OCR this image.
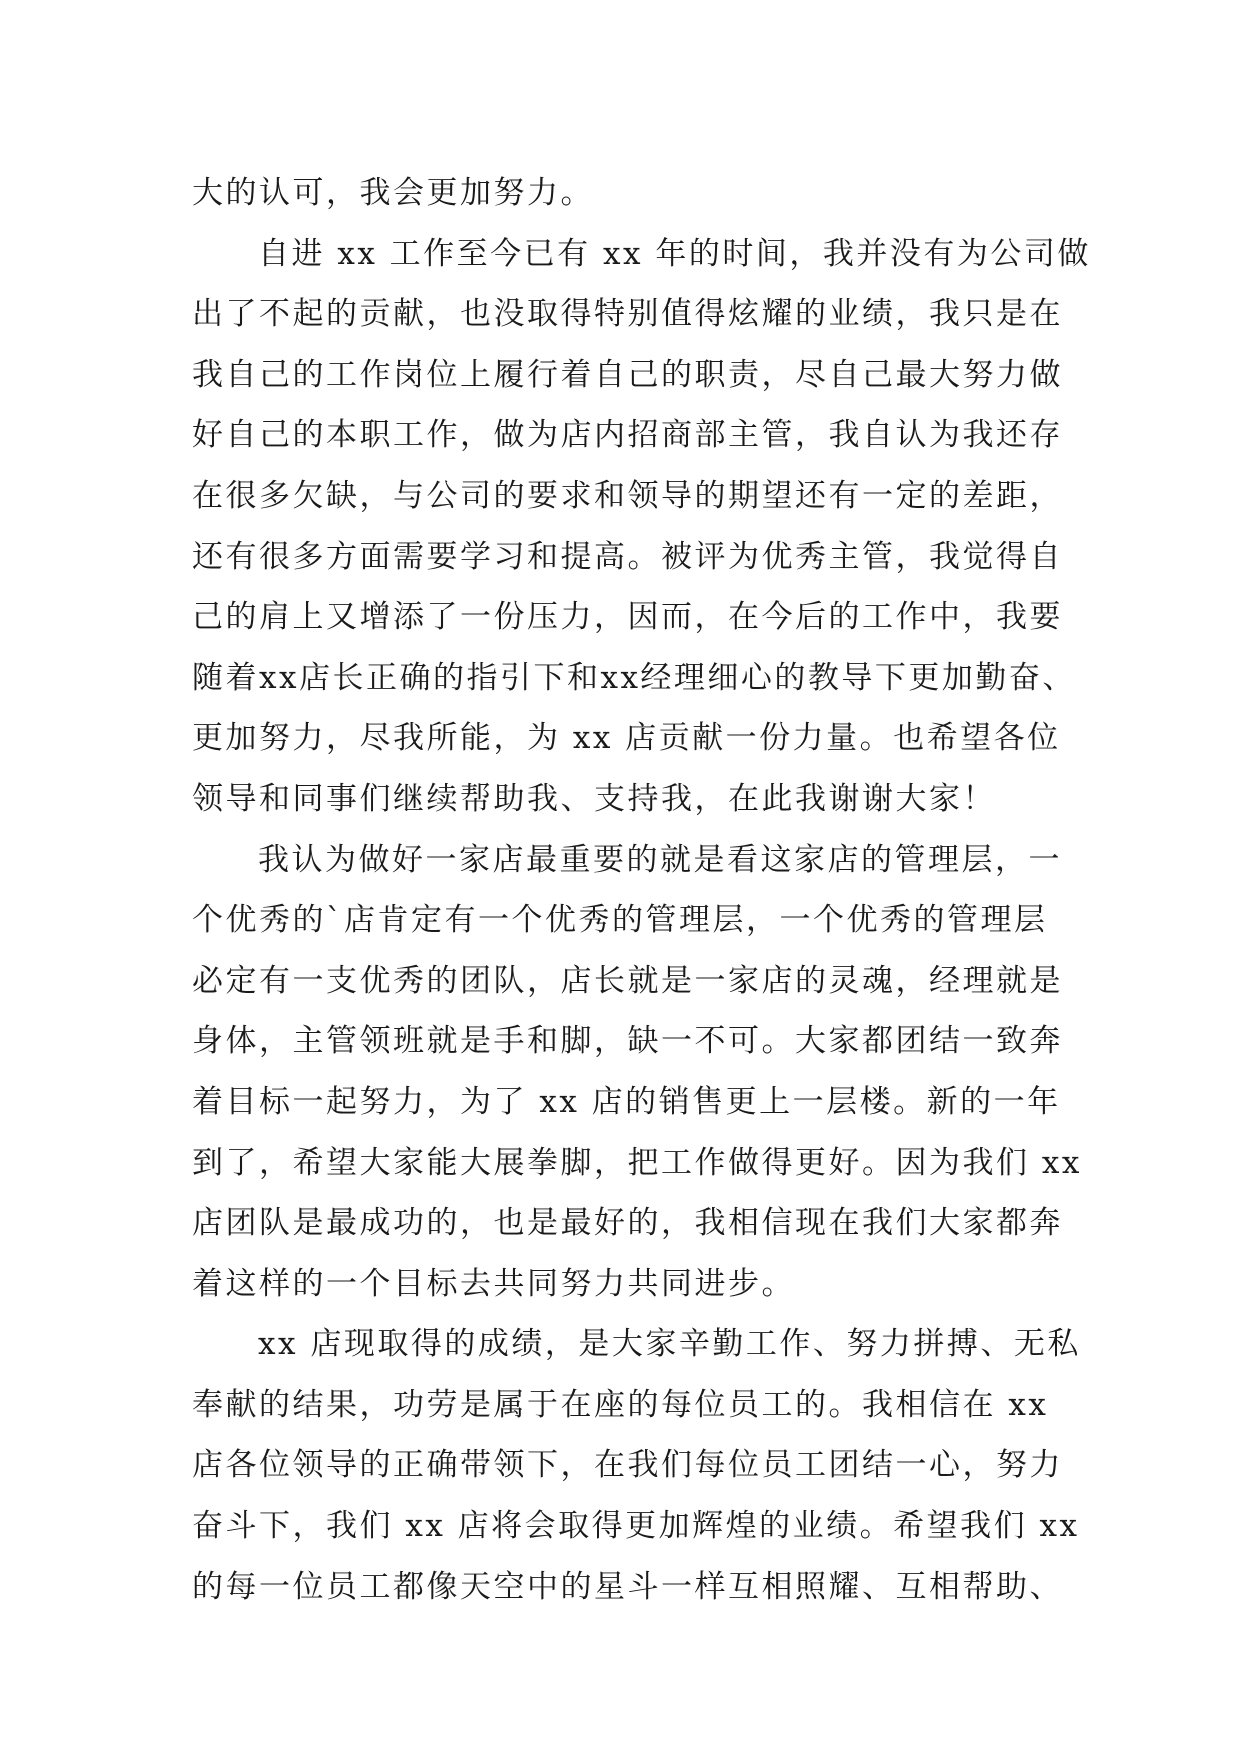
大的认可，我会更加努力。
自进 xx 工作至今已有 xx 年的时间，我并没有为公司做
出了不起的贡献，也没取得特别值得炫耀的业绩，我只是在
我自己的工作岗位上履行着自己的职责，尽自己最大努力做
好自己的本职工作，做为店内招商部主管，我自认为我还存
在很多欠缺，与公司的要求和领导的期望还有一定的差距，
还有很多方面需要学习和提高。被评为优秀主管，我觉得自
己的肩上又增添了一份压力，因而，在今后的工作中，我要
随着xx店长正确的指引下和xx经理细心的教导下更加勤奋、
更加努力，尽我所能，为 xx 店贡献一份力量。也希望各位
领导和同事们继续帮助我、支持我，在此我谢谢大家！
我认为做好一家店最重要的就是看这家店的管理层，一
个优秀的`店肯定有一个优秀的管理层，一个优秀的管理层
必定有一支优秀的团队，店长就是一家店的灵魂，经理就是
身体，主管领班就是手和脚，缺一不可。大家都团结一致奔
着目标一起努力，为了 xx 店的销售更上一层楼。新的一年
到了，希望大家能大展拳脚，把工作做得更好。因为我们 xx
店团队是最成功的，也是最好的，我相信现在我们大家都奔
着这样的一个目标去共同努力共同进步。
xx 店现取得的成绩，是大家辛勤工作、努力拼搏、无私
奉献的结果，功劳是属于在座的每位员工的。我相信在 xx
店各位领导的正确带领下，在我们每位员工团结一心，努力
奋斗下，我们 xx 店将会取得更加辉煌的业绩。希望我们 xx
的每一位员工都像天空中的星斗一样互相照耀、互相帮助、
